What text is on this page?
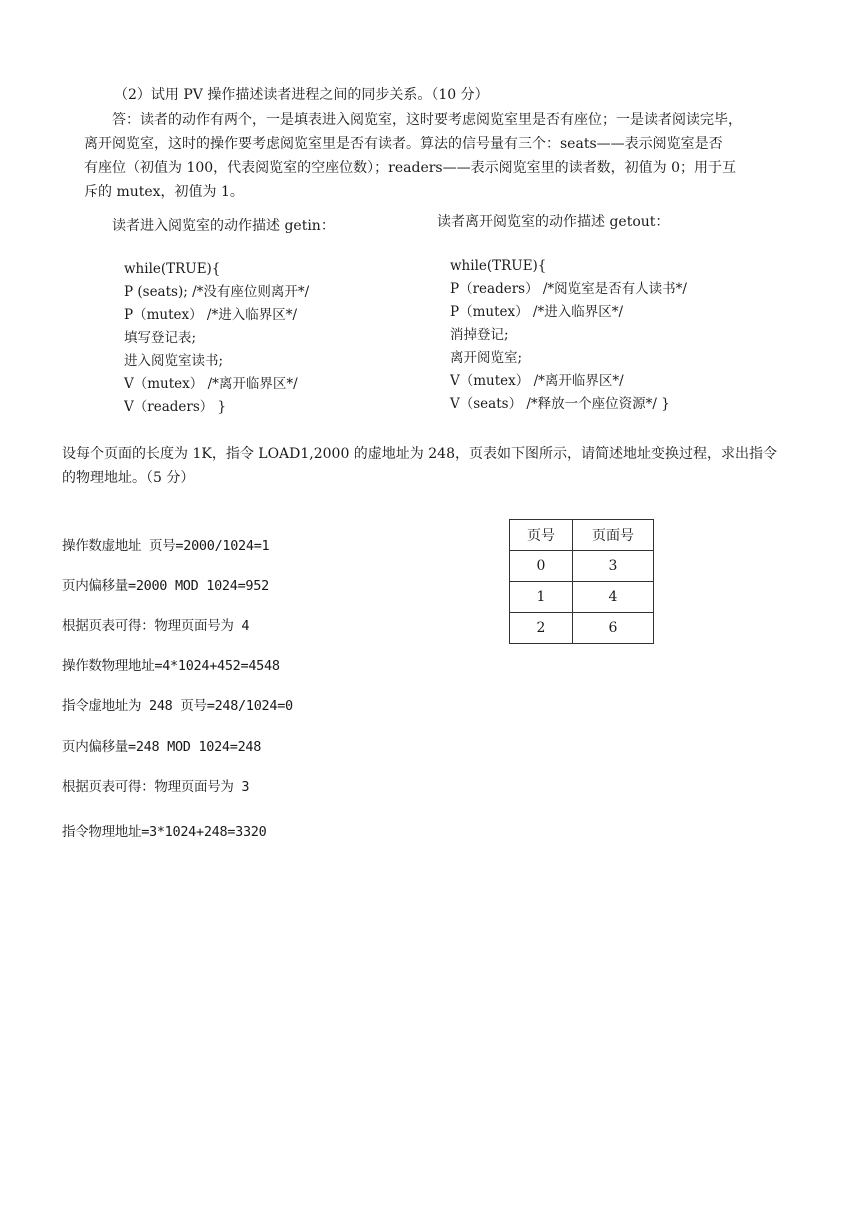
（2）试用 PV 操作描述读者进程之间的同步关系。（10 分）
答：读者的动作有两个，一是填表进入阅览室，这时要考虑阅览室里是否有座位；一是读者阅读完毕，
离开阅览室，这时的操作要考虑阅览室里是否有读者。算法的信号量有三个：seats——表示阅览室是否
有座位（初值为 100，代表阅览室的空座位数）；readers——表示阅览室里的读者数，初值为 0；用于互
斥的 mutex，初值为 1。
读者进入阅览室的动作描述 getin：	读者离开阅览室的动作描述 getout：
while(TRUE){
P (seats); /*没有座位则离开*/
P（mutex） /*进入临界区*/
填写登记表;
进入阅览室读书;
V（mutex） /*离开临界区*/
V（readers） }
while(TRUE){
P（readers） /*阅览室是否有人读书*/
P（mutex） /*进入临界区*/
消掉登记;
离开阅览室;
V（mutex） /*离开临界区*/
V（seats） /*释放一个座位资源*/ }
设每个页面的长度为 1K，指令 LOAD1,2000 的虚地址为 248，页表如下图所示，请简述地址变换过程，求出指令
的物理地址。（5 分）
操作数虚地址 页号=2000/1024=1
页内偏移量=2000 MOD 1024=952
根据页表可得：物理页面号为 4
操作数物理地址=4*1024+452=4548
指令虚地址为 248 页号=248/1024=0
页内偏移量=248 MOD 1024=248
根据页表可得：物理页面号为 3
指令物理地址=3*1024+248=3320
页号	页面号
0	3
1	4
2	6
